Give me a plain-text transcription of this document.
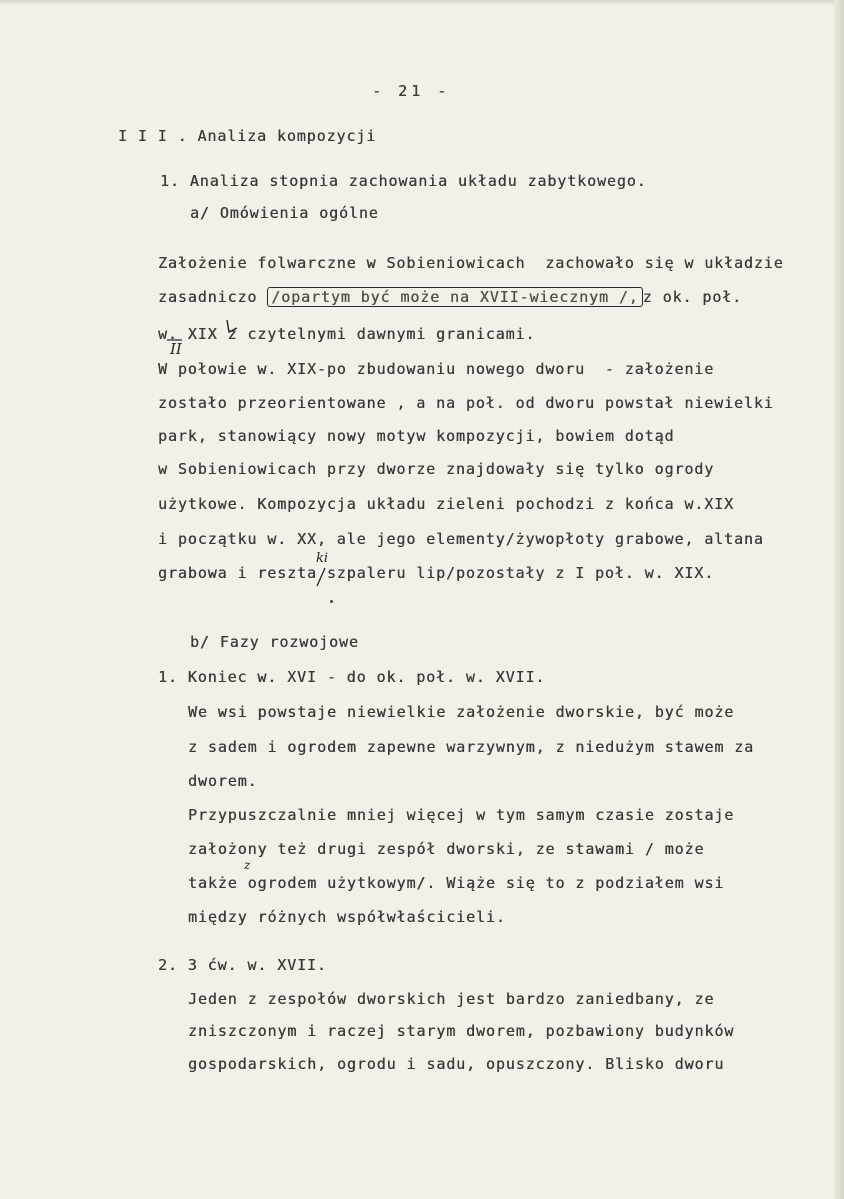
- 21 -
I I I . Analiza kompozycji
1. Analiza stopnia zachowania układu zabytkowego.
a/ Omówienia ogólne
Założenie folwarczne w Sobieniowicach  zachowało się w układzie
zasadniczo /opartym być może na XVII-wiecznym /, z ok. poł.
w. XIX z czytelnymi dawnymi granicami.
W połowie w. XIX-po zbudowaniu nowego dworu  - założenie
zostało przeorientowane , a na poł. od dworu powstał niewielki
park, stanowiący nowy motyw kompozycji, bowiem dotąd
w Sobieniowicach przy dworze znajdowały się tylko ogrody
użytkowe. Kompozycja układu zieleni pochodzi z końca w.XIX
i początku w. XX, ale jego elementy/żywopłoty grabowe, altana
grabowa i reszta szpaleru lip/pozostały z I poł. w. XIX.
II
ki
b/ Fazy rozwojowe
1. Koniec w. XVI - do ok. poł. w. XVII.
We wsi powstaje niewielkie założenie dworskie, być może
z sadem i ogrodem zapewne warzywnym, z niedużym stawem za
dworem.
Przypuszczalnie mniej więcej w tym samym czasie zostaje
założony też drugi zespół dworski, ze stawami / może
także ogrodem użytkowym/. Wiąże się to z podziałem wsi
między różnych współwłaścicieli.
z
2. 3 ćw. w. XVII.
Jeden z zespołów dworskich jest bardzo zaniedbany, ze
zniszczonym i raczej starym dworem, pozbawiony budynków
gospodarskich, ogrodu i sadu, opuszczony. Blisko dworu
